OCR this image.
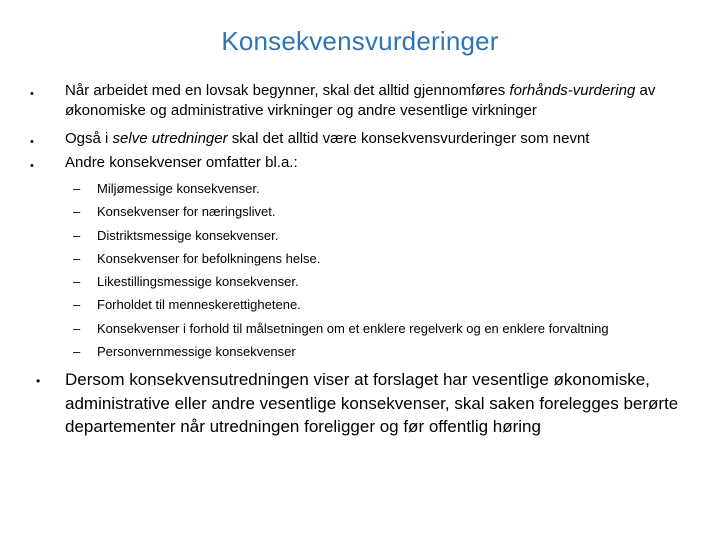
Konsekvensvurderinger
• Når arbeidet med en lovsak begynner, skal det alltid gjennomføres forhånds-vurdering av økonomiske og administrative virkninger og andre vesentlige virkninger
• Også i selve utredninger skal det alltid være konsekvensvurderinger som nevnt
• Andre konsekvenser omfatter bl.a.:
– Miljømessige konsekvenser.
– Konsekvenser for næringslivet.
– Distriktsmessige konsekvenser.
– Konsekvenser for befolkningens helse.
– Likestillingsmessige konsekvenser.
– Forholdet til menneskerettighetene.
– Konsekvenser i forhold til målsetningen om et enklere regelverk og en enklere forvaltning
– Personvernmessige konsekvenser
• Dersom konsekvensutredningen viser at forslaget har vesentlige økonomiske, administrative eller andre vesentlige konsekvenser, skal saken forelegges berørte departementer når utredningen foreligger og før offentlig høring
